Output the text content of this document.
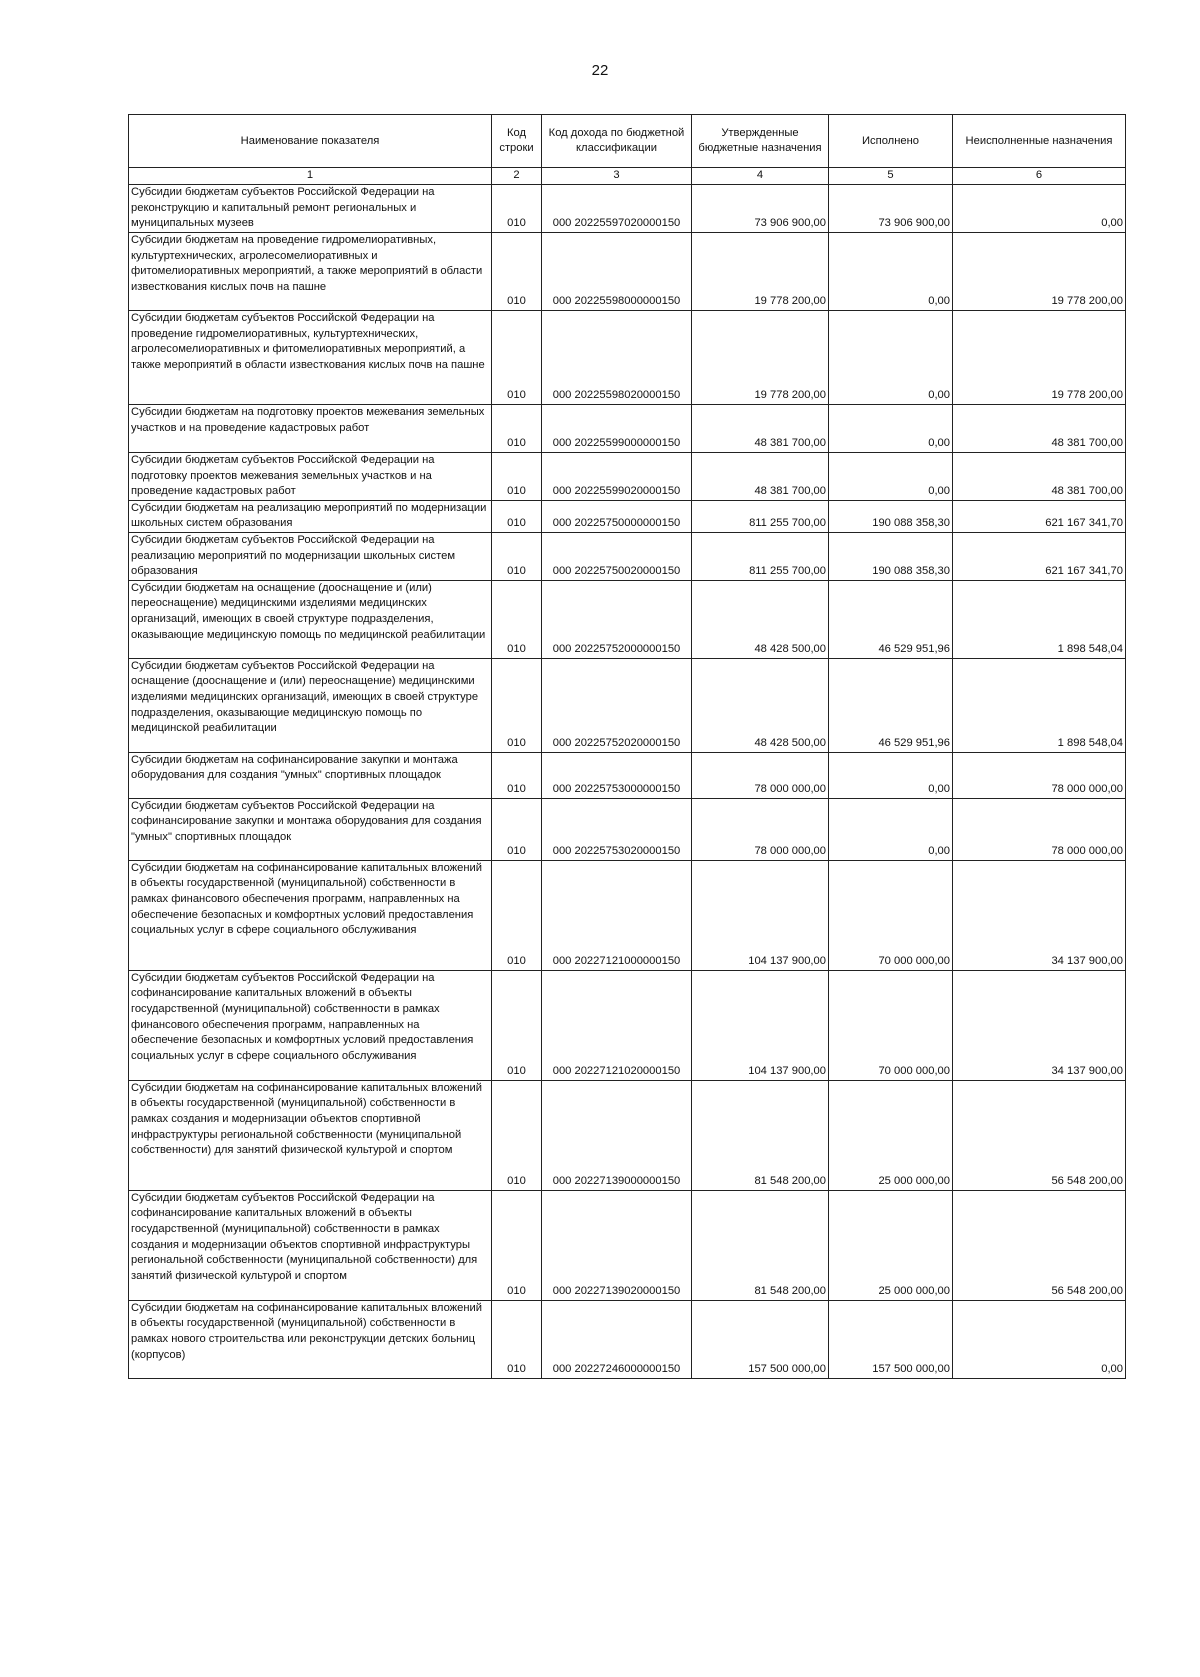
22
Наименование показателя	Код строки	Код дохода по бюджетной классификации	Утвержденные бюджетные назначения	Исполнено	Неисполненные назначения
1	2	3	4	5	6
Субсидии бюджетам субъектов Российской Федерации на реконструкцию и капитальный ремонт региональных и муниципальных музеев	010	000 20225597020000150	73 906 900,00	73 906 900,00	0,00
Субсидии бюджетам на проведение гидромелиоративных, культуртехнических, агролесомелиоративных и фитомелиоративных мероприятий, а также мероприятий в области известкования кислых почв на пашне	010	000 20225598000000150	19 778 200,00	0,00	19 778 200,00
Субсидии бюджетам субъектов Российской Федерации на проведение гидромелиоративных, культуртехнических, агролесомелиоративных и фитомелиоративных мероприятий, а также мероприятий в области известкования кислых почв на пашне	010	000 20225598020000150	19 778 200,00	0,00	19 778 200,00
Субсидии бюджетам на подготовку проектов межевания земельных участков и на проведение кадастровых работ	010	000 20225599000000150	48 381 700,00	0,00	48 381 700,00
Субсидии бюджетам субъектов Российской Федерации на подготовку проектов межевания земельных участков и на проведение кадастровых работ	010	000 20225599020000150	48 381 700,00	0,00	48 381 700,00
Субсидии бюджетам на реализацию мероприятий по модернизации школьных систем образования	010	000 20225750000000150	811 255 700,00	190 088 358,30	621 167 341,70
Субсидии бюджетам субъектов Российской Федерации на реализацию мероприятий по модернизации школьных систем образования	010	000 20225750020000150	811 255 700,00	190 088 358,30	621 167 341,70
Субсидии бюджетам на оснащение (дооснащение и (или) переоснащение) медицинскими изделиями медицинских организаций, имеющих в своей структуре подразделения, оказывающие медицинскую помощь по медицинской реабилитации	010	000 20225752000000150	48 428 500,00	46 529 951,96	1 898 548,04
Субсидии бюджетам субъектов Российской Федерации на оснащение (дооснащение и (или) переоснащение) медицинскими изделиями медицинских организаций, имеющих в своей структуре подразделения, оказывающие медицинскую помощь по медицинской реабилитации	010	000 20225752020000150	48 428 500,00	46 529 951,96	1 898 548,04
Субсидии бюджетам на софинансирование закупки и монтажа оборудования для создания "умных" спортивных площадок	010	000 20225753000000150	78 000 000,00	0,00	78 000 000,00
Субсидии бюджетам субъектов Российской Федерации на софинансирование закупки и монтажа оборудования для создания "умных" спортивных площадок	010	000 20225753020000150	78 000 000,00	0,00	78 000 000,00
Субсидии бюджетам на софинансирование капитальных вложений в объекты государственной (муниципальной) собственности в рамках финансового обеспечения программ, направленных на обеспечение безопасных и комфортных условий предоставления социальных услуг в сфере социального обслуживания	010	000 20227121000000150	104 137 900,00	70 000 000,00	34 137 900,00
Субсидии бюджетам субъектов Российской Федерации на софинансирование капитальных вложений в объекты государственной (муниципальной) собственности в рамках финансового обеспечения программ, направленных на обеспечение безопасных и комфортных условий предоставления социальных услуг в сфере социального обслуживания	010	000 20227121020000150	104 137 900,00	70 000 000,00	34 137 900,00
Субсидии бюджетам на софинансирование капитальных вложений в объекты государственной (муниципальной) собственности в рамках создания и модернизации объектов спортивной инфраструктуры региональной собственности (муниципальной собственности) для занятий физической культурой и спортом	010	000 20227139000000150	81 548 200,00	25 000 000,00	56 548 200,00
Субсидии бюджетам субъектов Российской Федерации на софинансирование капитальных вложений в объекты государственной (муниципальной) собственности в рамках создания и модернизации объектов спортивной инфраструктуры региональной собственности (муниципальной собственности) для занятий физической культурой и спортом	010	000 20227139020000150	81 548 200,00	25 000 000,00	56 548 200,00
Субсидии бюджетам на софинансирование капитальных вложений в объекты государственной (муниципальной) собственности в рамках нового строительства или реконструкции детских больниц (корпусов)	010	000 20227246000000150	157 500 000,00	157 500 000,00	0,00
